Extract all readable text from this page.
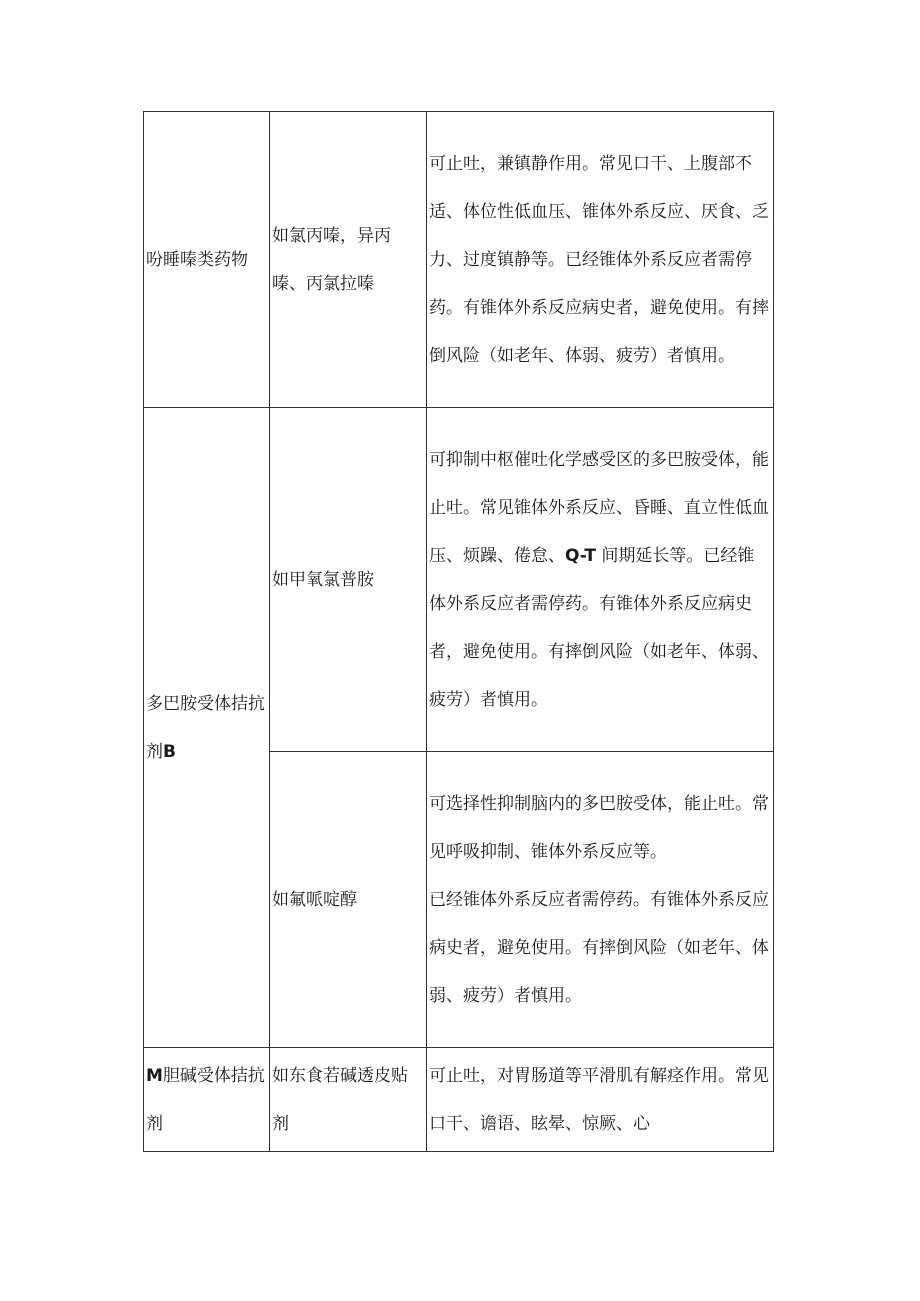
吩睡嗪类药物	如氯丙嗪，异丙嗪、丙氯拉嗪	可止吐，兼镇静作用。常见口干、上腹部不适、体位性低血压、锥体外系反应、厌食、乏力、过度镇静等。已经锥体外系反应者需停药。有锥体外系反应病史者，避免使用。有摔倒风险（如老年、体弱、疲劳）者慎用。

多巴胺受体拮抗剂B	如甲氧氯普胺	可抑制中枢催吐化学感受区的多巴胺受体，能止吐。常见锥体外系反应、昏睡、直立性低血压、烦躁、倦怠、Q-T 间期延长等。已经锥体外系反应者需停药。有锥体外系反应病史者，避免使用。有摔倒风险（如老年、体弱、疲劳）者慎用。

	如氟哌啶醇	可选择性抑制脑内的多巴胺受体，能止吐。常见呼吸抑制、锥体外系反应等。
已经锥体外系反应者需停药。有锥体外系反应病史者，避免使用。有摔倒风险（如老年、体弱、疲劳）者慎用。

M胆碱受体拮抗剂	如东食若碱透皮贴剂	可止吐，对胃肠道等平滑肌有解痉作用。常见口干、谵语、眩晕、惊厥、心
